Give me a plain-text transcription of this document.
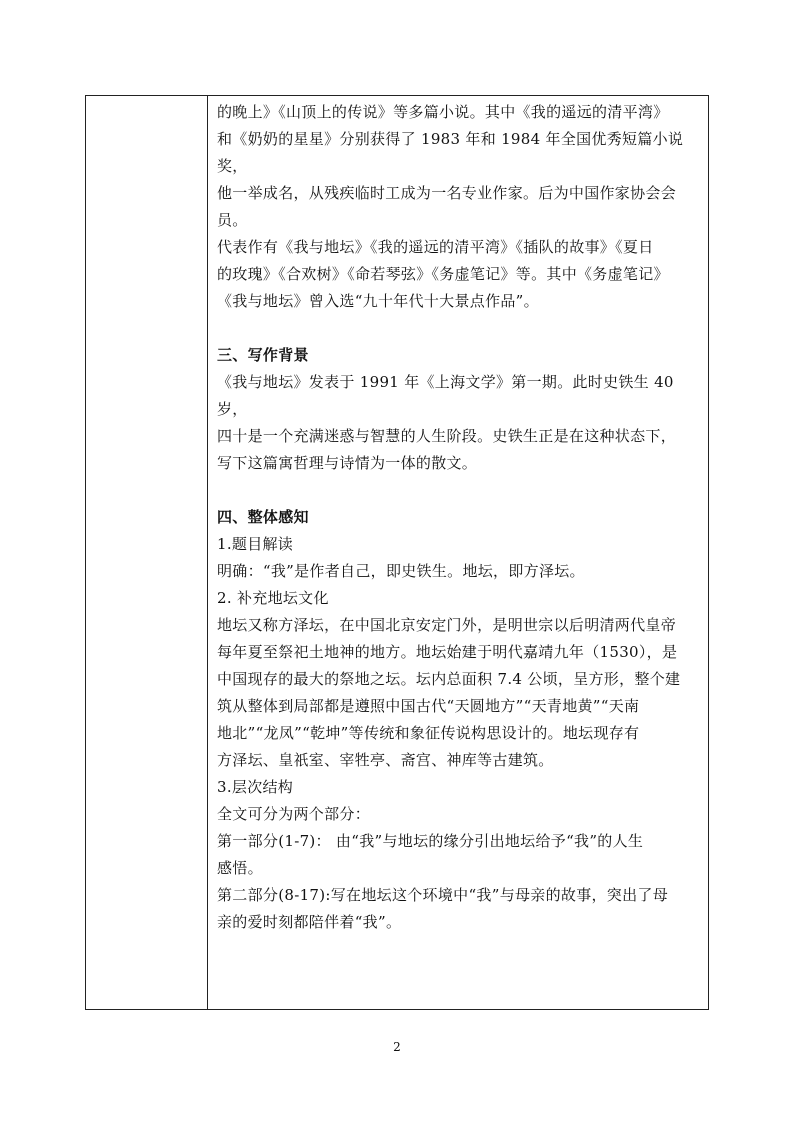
的晚上》《山顶上的传说》等多篇小说。其中《我的遥远的清平湾》

和《奶奶的星星》分别获得了 1983 年和 1984 年全国优秀短篇小说奖，

他一举成名，从残疾临时工成为一名专业作家。后为中国作家协会会

员。

代表作有《我与地坛》《我的遥远的清平湾》《插队的故事》《夏日

的玫瑰》《合欢树》《命若琴弦》《务虚笔记》等。其中《务虚笔记》

《我与地坛》曾入选“九十年代十大景点作品”。

三、写作背景

《我与地坛》发表于 1991 年《上海文学》第一期。此时史铁生 40 岁，

四十是一个充满迷惑与智慧的人生阶段。史铁生正是在这种状态下，

写下这篇寓哲理与诗情为一体的散文。

四、整体感知

1.题目解读

明确：“我”是作者自己，即史铁生。地坛，即方泽坛。

2. 补充地坛文化

地坛又称方泽坛，在中国北京安定门外，是明世宗以后明清两代皇帝

每年夏至祭祀土地神的地方。地坛始建于明代嘉靖九年（1530），是

中国现存的最大的祭地之坛。坛内总面积 7.4 公顷，呈方形，整个建

筑从整体到局部都是遵照中国古代“天圆地方”“天青地黄”“天南

地北”“龙凤”“乾坤”等传统和象征传说构思设计的。地坛现存有

方泽坛、皇祇室、宰牲亭、斋宫、神库等古建筑。

3.层次结构

全文可分为两个部分：

第一部分(1-7)： 由“我”与地坛的缘分引出地坛给予“我”的人生

感悟。

第二部分(8-17):写在地坛这个环境中“我”与母亲的故事，突出了母

亲的爱时刻都陪伴着“我”。

2
